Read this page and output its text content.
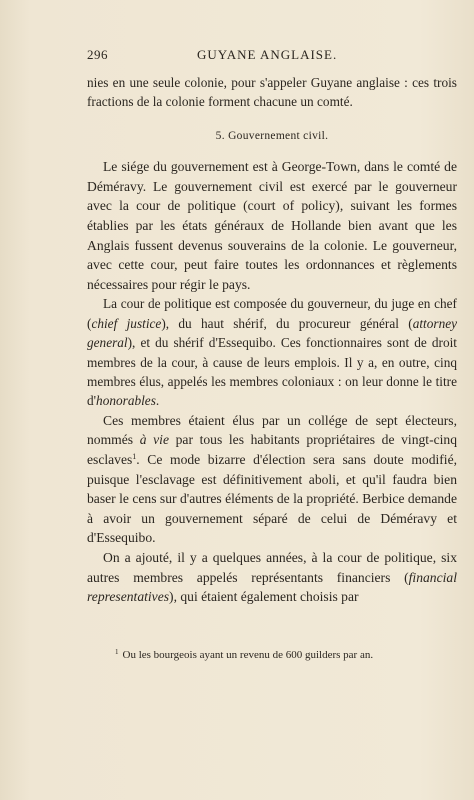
296	GUYANE ANGLAISE.

nies en une seule colonie, pour s'appeler Guyane anglaise : ces trois fractions de la colonie forment chacune un comté.

5. Gouvernement civil.

Le siége du gouvernement est à George-Town, dans le comté de Déméravy. Le gouvernement civil est exercé par le gouverneur avec la cour de politique (court of policy), suivant les formes établies par les états généraux de Hollande bien avant que les Anglais fussent devenus souverains de la colonie. Le gouverneur, avec cette cour, peut faire toutes les ordonnances et règlements nécessaires pour régir le pays.

La cour de politique est composée du gouverneur, du juge en chef (chief justice), du haut shérif, du procureur général (attorney general), et du shérif d'Essequibo. Ces fonctionnaires sont de droit membres de la cour, à cause de leurs emplois. Il y a, en outre, cinq membres élus, appelés les membres coloniaux : on leur donne le titre d'honorables.

Ces membres étaient élus par un collége de sept électeurs, nommés à vie par tous les habitants propriétaires de vingt-cinq esclaves$^1$. Ce mode bizarre d'élection sera sans doute modifié, puisque l'esclavage est définitivement aboli, et qu'il faudra bien baser le cens sur d'autres éléments de la propriété. Berbice demande à avoir un gouvernement séparé de celui de Déméravy et d'Essequibo.

On a ajouté, il y a quelques années, à la cour de politique, six autres membres appelés représentants financiers (financial representatives), qui étaient également choisis par

$^1$ Ou les bourgeois ayant un revenu de 600 guilders par an.
